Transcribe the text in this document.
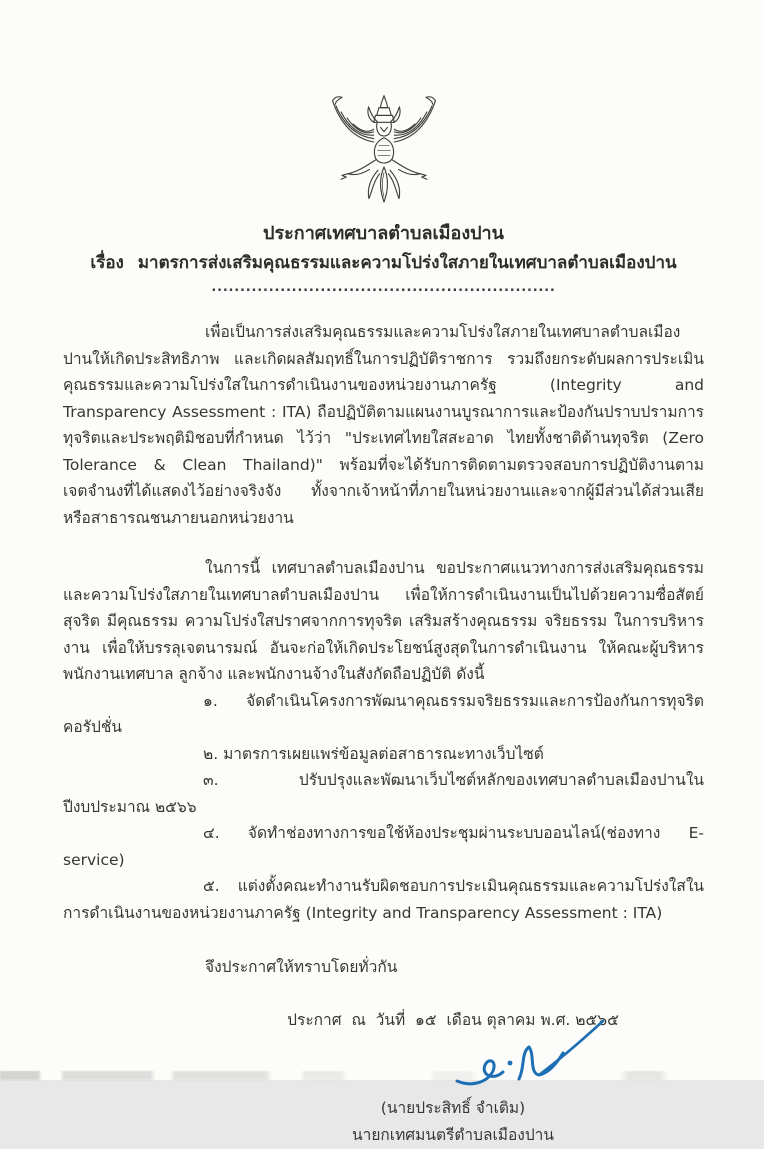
ประกาศเทศบาลตำบลเมืองปาน
เรื่อง มาตรการส่งเสริมคุณธรรมและความโปร่งใสภายในเทศบาลตำบลเมืองปาน
............................................................

เพื่อเป็นการส่งเสริมคุณธรรมและความโปร่งใสภายในเทศบาลตำบลเมืองปานให้เกิดประสิทธิภาพ และเกิดผลสัมฤทธิ์ในการปฏิบัติราชการ รวมถึงยกระดับผลการประเมินคุณธรรมและความโปร่งใสในการดำเนินงานของหน่วยงานภาครัฐ (Integrity and Transparency Assessment : ITA) ถือปฏิบัติตามแผนงานบูรณาการและป้องกันปราบปรามการทุจริตและประพฤติมิชอบที่กำหนด ไว้ว่า "ประเทศไทยใสสะอาด ไทยทั้งชาติต้านทุจริต (Zero Tolerance & Clean Thailand)" พร้อมที่จะได้รับการติดตามตรวจสอบการปฏิบัติงานตามเจตจำนงที่ได้แสดงไว้อย่างจริงจัง ทั้งจากเจ้าหน้าที่ภายในหน่วยงานและจากผู้มีส่วนได้ส่วนเสียหรือสาธารณชนภายนอกหน่วยงาน

ในการนี้ เทศบาลตำบลเมืองปาน ขอประกาศแนวทางการส่งเสริมคุณธรรม และความโปร่งใสภายในเทศบาลตำบลเมืองปาน เพื่อให้การดำเนินงานเป็นไปด้วยความซื่อสัตย์ สุจริต มีคุณธรรม ความโปร่งใสปราศจากการทุจริต เสริมสร้างคุณธรรม จริยธรรม ในการบริหารงาน เพื่อให้บรรลุเจตนารมณ์ อันจะก่อให้เกิดประโยชน์สูงสุดในการดำเนินงาน ให้คณะผู้บริหาร พนักงานเทศบาล ลูกจ้าง และพนักงานจ้างในสังกัดถือปฏิบัติ ดังนี้

๑. จัดดำเนินโครงการพัฒนาคุณธรรมจริยธรรมและการป้องกันการทุจริตคอรัปชั่น

๒. มาตรการเผยแพร่ข้อมูลต่อสาธารณะทางเว็บไซต์

๓. ปรับปรุงและพัฒนาเว็บไซต์หลักของเทศบาลตำบลเมืองปานในปีงบประมาณ ๒๕๖๖

๔. จัดทำช่องทางการขอใช้ห้องประชุมผ่านระบบออนไลน์(ช่องทาง E-service)

๕. แต่งตั้งคณะทำงานรับผิดชอบการประเมินคุณธรรมและความโปร่งใสในการดำเนินงานของหน่วยงานภาครัฐ (Integrity and Transparency Assessment : ITA)

จึงประกาศให้ทราบโดยทั่วกัน

ประกาศ  ณ  วันที่  ๑๕  เดือน ตุลาคม พ.ศ. ๒๕๖๕

(นายประสิทธิ์ จำเติม)

นายกเทศมนตรีตำบลเมืองปาน
